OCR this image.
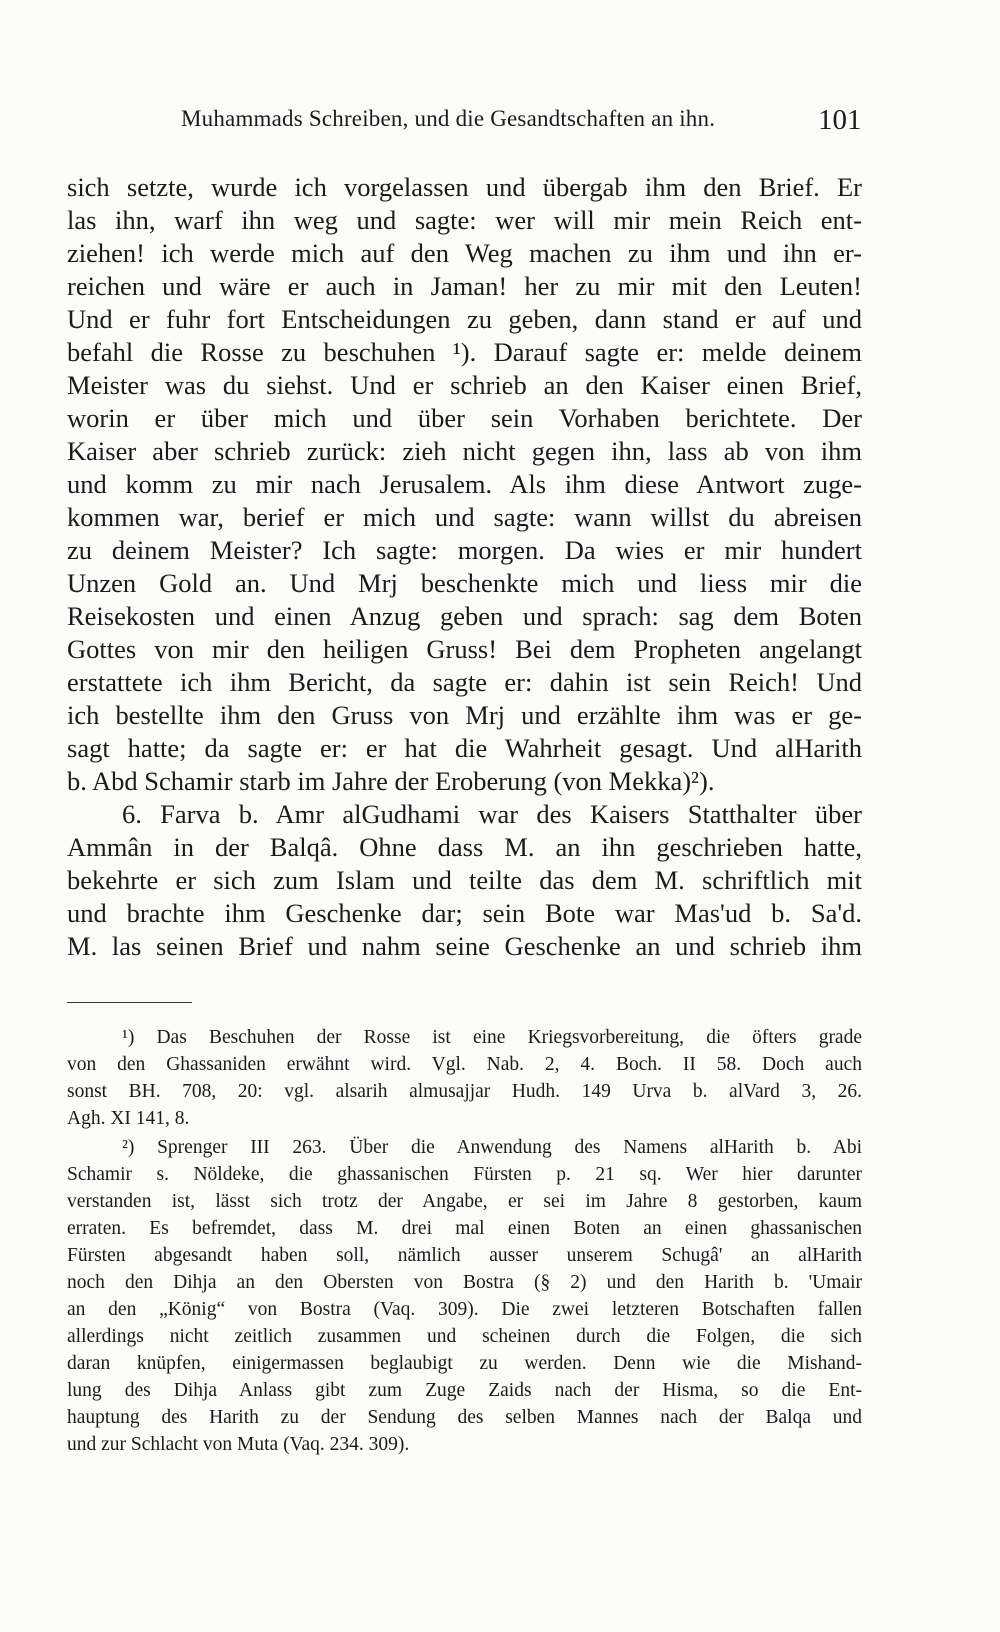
Muhammads Schreiben, und die Gesandtschaften an ihn.	101
sich setzte, wurde ich vorgelassen und übergab ihm den Brief. Er
las ihn, warf ihn weg und sagte: wer will mir mein Reich ent-
ziehen! ich werde mich auf den Weg machen zu ihm und ihn er-
reichen und wäre er auch in Jaman! her zu mir mit den Leuten!
Und er fuhr fort Entscheidungen zu geben, dann stand er auf und
befahl die Rosse zu beschuhen ¹). Darauf sagte er: melde deinem
Meister was du siehst. Und er schrieb an den Kaiser einen Brief,
worin er über mich und über sein Vorhaben berichtete. Der
Kaiser aber schrieb zurück: zieh nicht gegen ihn, lass ab von ihm
und komm zu mir nach Jerusalem. Als ihm diese Antwort zuge-
kommen war, berief er mich und sagte: wann willst du abreisen
zu deinem Meister? Ich sagte: morgen. Da wies er mir hundert
Unzen Gold an. Und Mrj beschenkte mich und liess mir die
Reisekosten und einen Anzug geben und sprach: sag dem Boten
Gottes von mir den heiligen Gruss! Bei dem Propheten angelangt
erstattete ich ihm Bericht, da sagte er: dahin ist sein Reich! Und
ich bestellte ihm den Gruss von Mrj und erzählte ihm was er ge-
sagt hatte; da sagte er: er hat die Wahrheit gesagt. Und alHarith
b. Abd Schamir starb im Jahre der Eroberung (von Mekka)²).
6. Farva b. Amr alGudhami war des Kaisers Statthalter über
Ammân in der Balqâ. Ohne dass M. an ihn geschrieben hatte,
bekehrte er sich zum Islam und teilte das dem M. schriftlich mit
und brachte ihm Geschenke dar; sein Bote war Mas'ud b. Sa'd.
M. las seinen Brief und nahm seine Geschenke an und schrieb ihm
¹) Das Beschuhen der Rosse ist eine Kriegsvorbereitung, die öfters grade
von den Ghassaniden erwähnt wird. Vgl. Nab. 2, 4. Boch. II 58. Doch auch
sonst BH. 708, 20: vgl. alsarih almusajjar Hudh. 149 Urva b. alVard 3, 26.
Agh. XI 141, 8.
²) Sprenger III 263. Über die Anwendung des Namens alHarith b. Abi
Schamir s. Nöldeke, die ghassanischen Fürsten p. 21 sq. Wer hier darunter
verstanden ist, lässt sich trotz der Angabe, er sei im Jahre 8 gestorben, kaum
erraten. Es befremdet, dass M. drei mal einen Boten an einen ghassanischen
Fürsten abgesandt haben soll, nämlich ausser unserem Schugâ' an alHarith
noch den Dihja an den Obersten von Bostra (§ 2) und den Harith b. 'Umair
an den „König“ von Bostra (Vaq. 309). Die zwei letzteren Botschaften fallen
allerdings nicht zeitlich zusammen und scheinen durch die Folgen, die sich
daran knüpfen, einigermassen beglaubigt zu werden. Denn wie die Mishand-
lung des Dihja Anlass gibt zum Zuge Zaids nach der Hisma, so die Ent-
hauptung des Harith zu der Sendung des selben Mannes nach der Balqa und
und zur Schlacht von Muta (Vaq. 234. 309).
